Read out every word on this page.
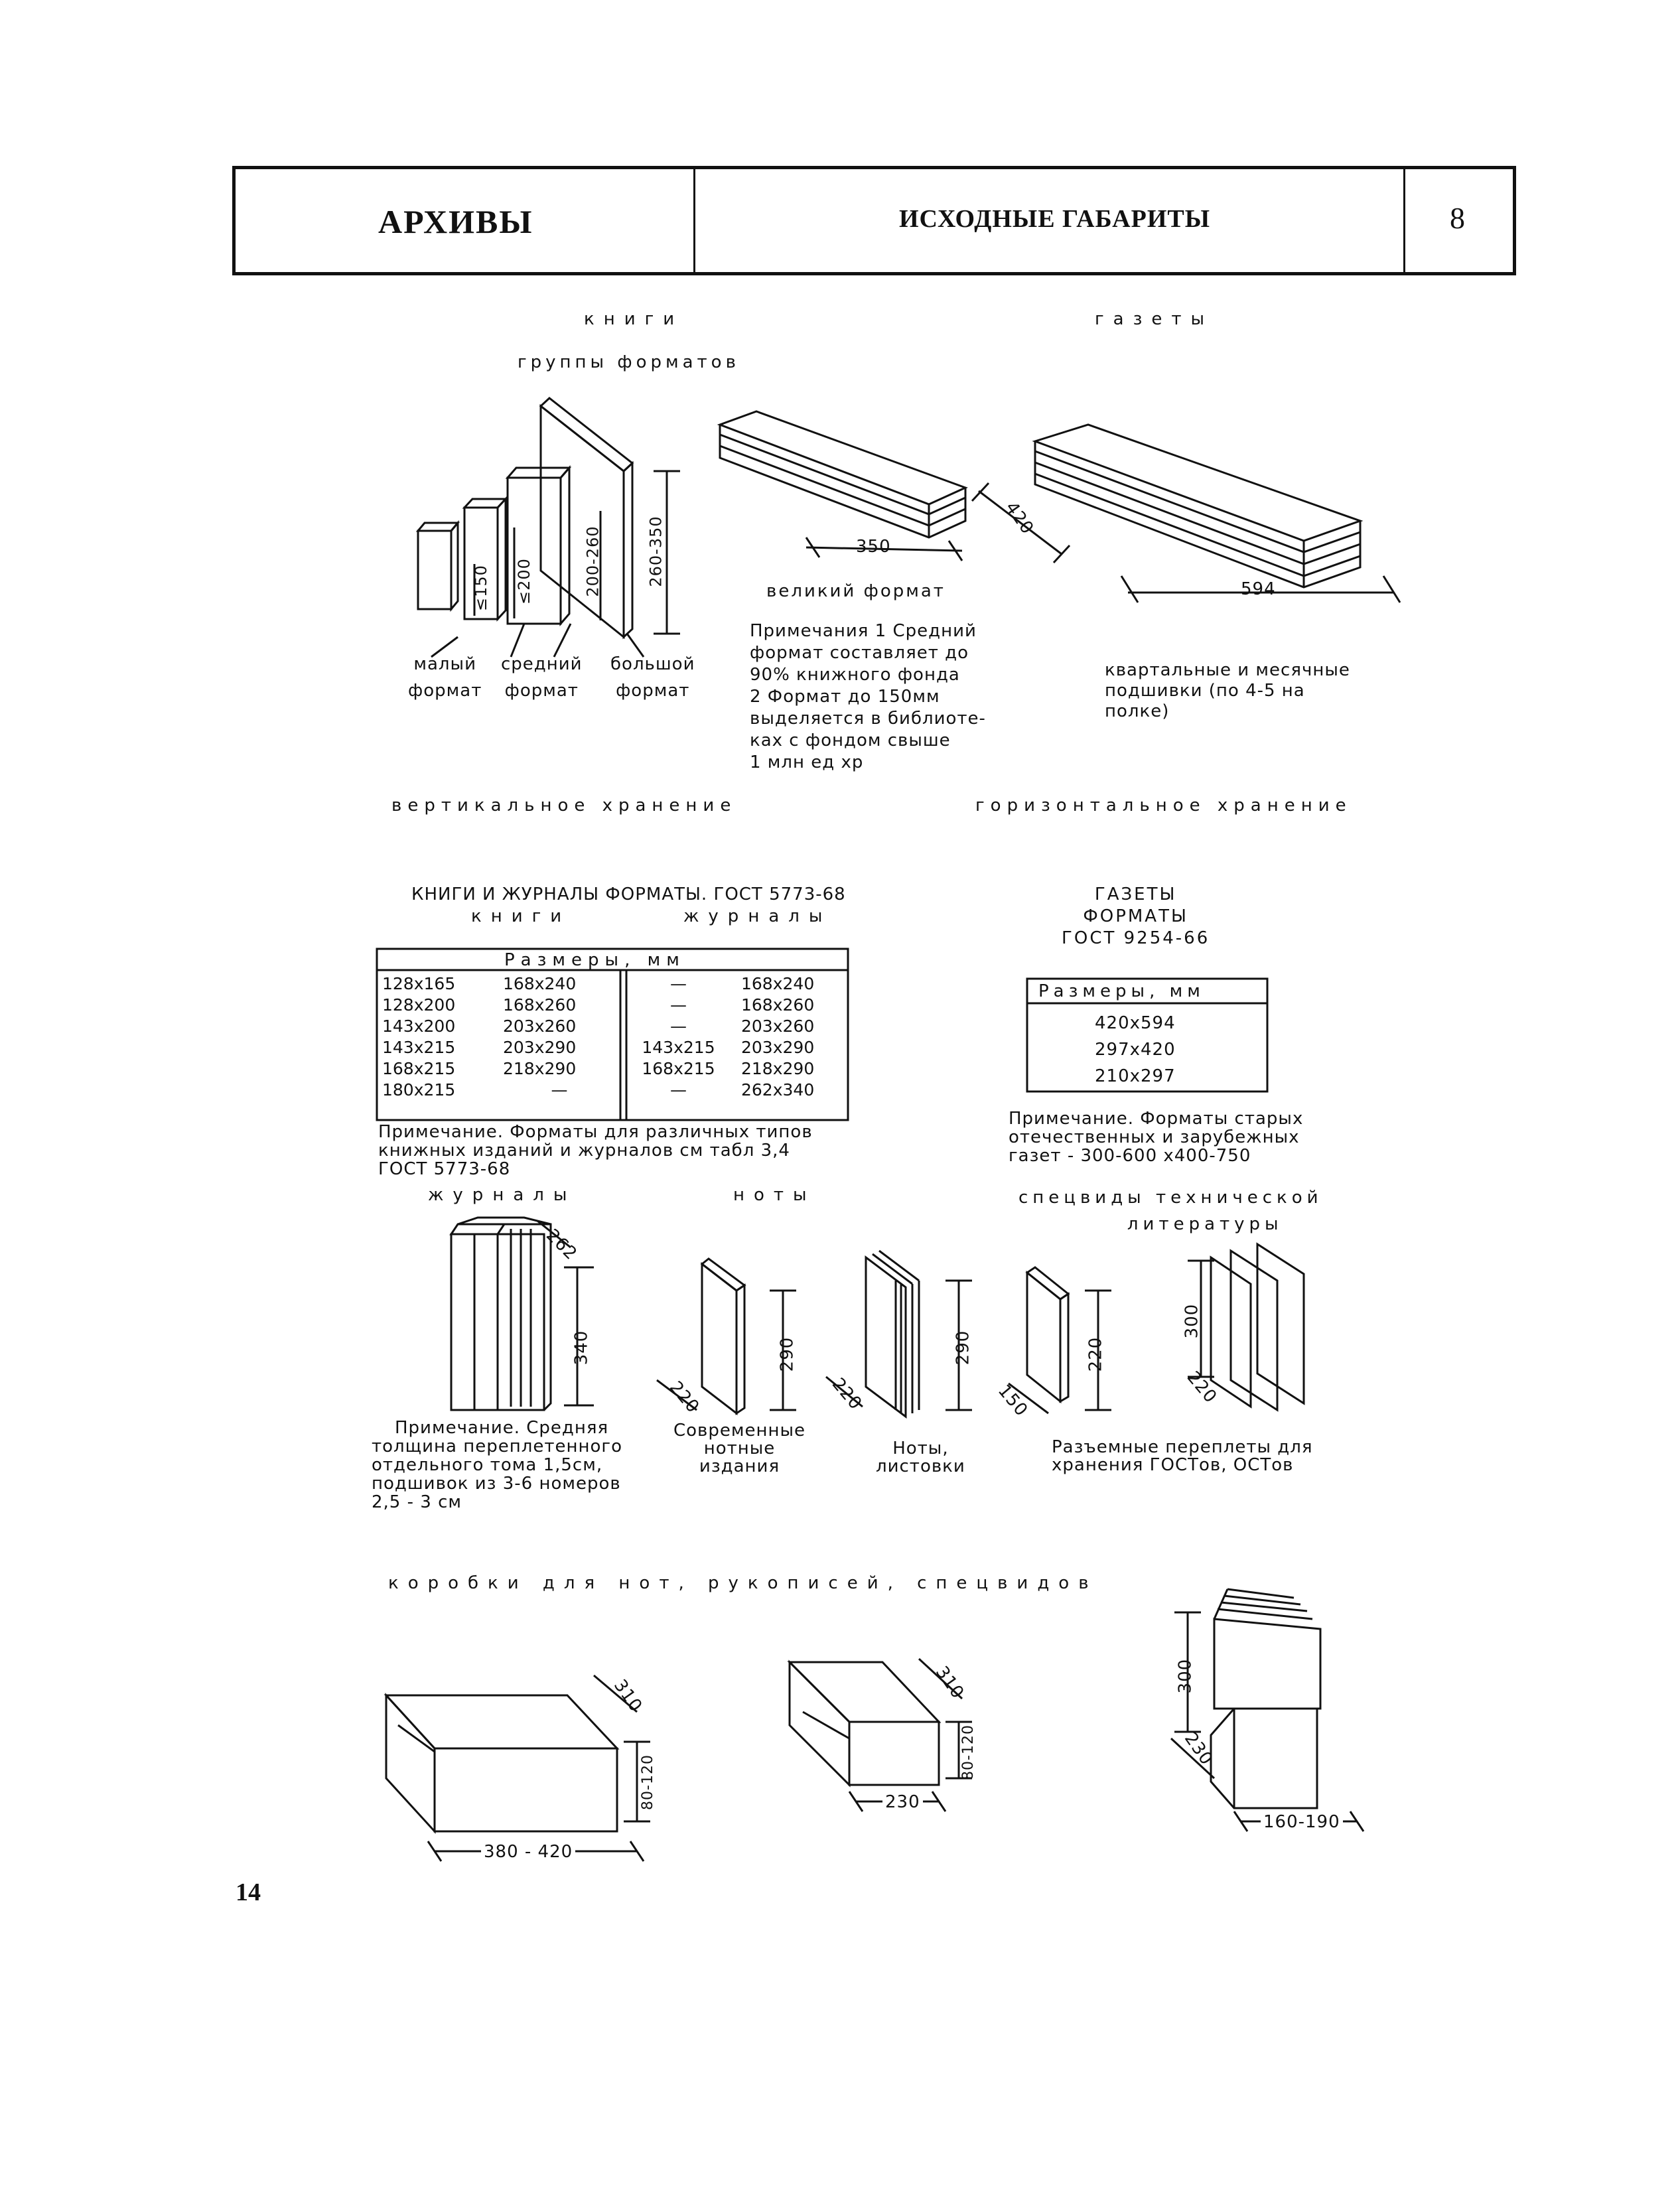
АРХИВЫ	ИСХОДНЫЕ ГАБАРИТЫ	8
книги
группы форматов
≤150 ≤200	200-260	260-350
малый
формат
средний
формат
большой
формат
вертикальное хранение
газеты
350
420
594
великий формат
Примечания 1 Средний
формат составляет до
90% книжного фонда
2 Формат до 150мм
выделяется в библиоте-
ках с фондом свыше
1 млн ед хр
квартальные и месячные
подшивки (по 4-5 на
полке)
горизонтальное хранение
КНИГИ И ЖУРНАЛЫ ФОРМАТЫ. ГОСТ 5773-68
книги	журналы
Размеры, мм
128x165	168x240	—	168x240
128x200	168x260	—	168x260
143x200	203x260	—	203x260
143x215	203x290	143x215	203x290
168x215	218x290	168x215	218x290
180x215	—	—	262x340
Примечание. Форматы для различных типов
книжных изданий и журналов см табл 3,4
ГОСТ 5773-68
ГАЗЕТЫ
ФОРМАТЫ
ГОСТ 9254-66
Размеры, мм
420x594
297x420
210x297
Примечание. Форматы старых
отечественных и зарубежных
газет - 300-600 x400-750
журналы
262
340
Примечание. Средняя
толщина переплетенного
отдельного тома 1,5см,
подшивок из 3-6 номеров
2,5 - 3 см
ноты
290
220
290
220
Современные
нотные
издания
Ноты,
листовки
спецвиды технической
литературы
220
150
300
220
Разъемные переплеты для
хранения ГОСТов, ОСТов
коробки для нот, рукописей, спецвидов
310
80-120
380 - 420
310
80-120
230
300
230
160-190
14
